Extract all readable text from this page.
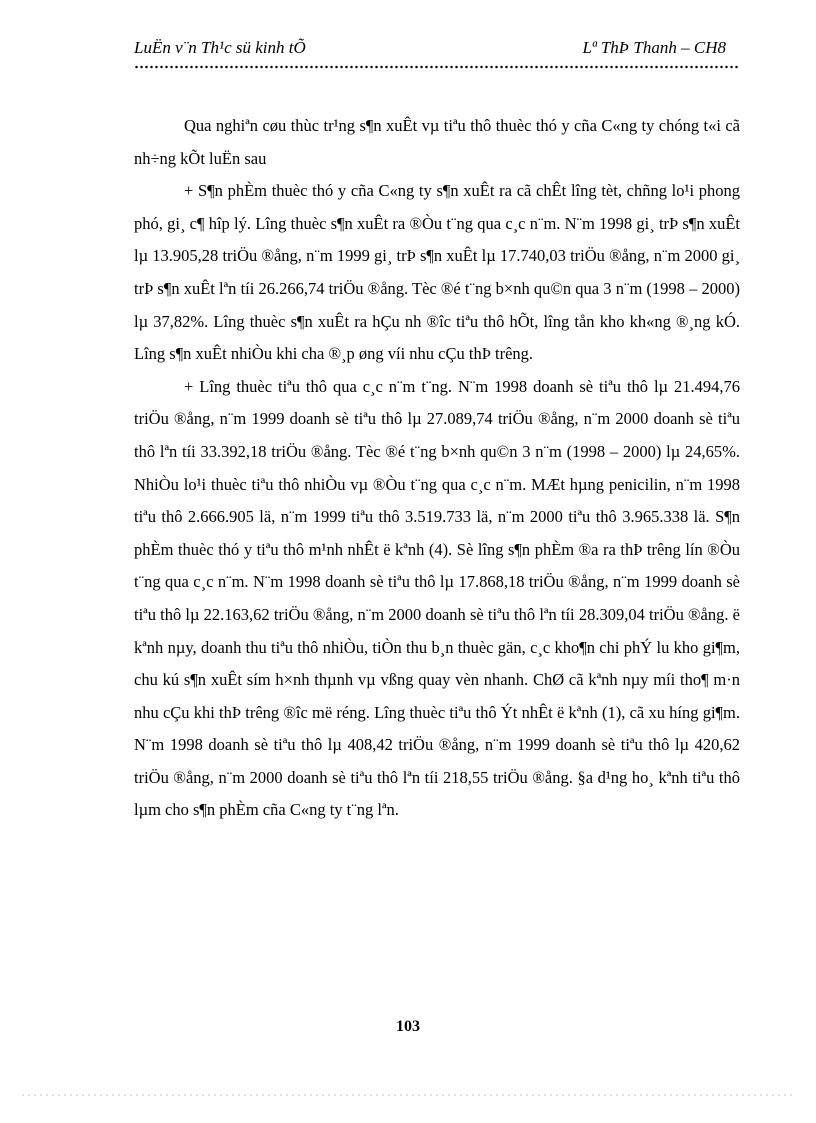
LuËn v¨n Th¹c sü kinh tÕ	Lª ThÞ Thanh – CH8

Qua nghiªn cøu thùc tr¹ng s¶n xuÊt vµ tiªu thô thuèc thó y cña C«ng ty chóng t«i cã nh÷ng kÕt luËn sau

+ S¶n phÈm thuèc thó y cña C«ng ty s¶n xuÊt ra cã chÊt lîng tèt, chñng lo¹i phong phó, gi¸ c¶ hîp lý. Lîng thuèc s¶n xuÊt ra ®Òu t¨ng qua c¸c n¨m. N¨m 1998 gi¸ trÞ s¶n xuÊt lµ 13.905,28 triÖu ®ång, n¨m 1999 gi¸ trÞ s¶n xuÊt lµ 17.740,03 triÖu ®ång, n¨m 2000 gi¸ trÞ s¶n xuÊt lªn tíi 26.266,74 triÖu ®ång. Tèc ®é t¨ng b×nh qu©n qua 3 n¨m (1998 – 2000) lµ 37,82%. Lîng thuèc s¶n xuÊt ra hÇu nh ®îc tiªu thô hÕt, lîng tån kho kh«ng ®¸ng kÓ. Lîng s¶n xuÊt nhiÒu khi cha ®¸p øng víi nhu cÇu thÞ trêng.

+ Lîng thuèc tiªu thô qua c¸c n¨m t¨ng. N¨m 1998 doanh sè tiªu thô lµ 21.494,76 triÖu ®ång, n¨m 1999 doanh sè tiªu thô lµ 27.089,74 triÖu ®ång, n¨m 2000 doanh sè tiªu thô lªn tíi 33.392,18 triÖu ®ång. Tèc ®é t¨ng b×nh qu©n 3 n¨m (1998 – 2000) lµ 24,65%. NhiÒu lo¹i thuèc tiªu thô nhiÒu vµ ®Òu t¨ng qua c¸c n¨m. MÆt hµng penicilin, n¨m 1998 tiªu thô 2.666.905 lä, n¨m 1999 tiªu thô 3.519.733 lä, n¨m 2000 tiªu thô 3.965.338 lä. S¶n phÈm thuèc thó y tiªu thô m¹nh nhÊt ë kªnh (4). Sè lîng s¶n phÈm ®a ra thÞ trêng lín ®Òu t¨ng qua c¸c n¨m. N¨m 1998 doanh sè tiªu thô lµ 17.868,18 triÖu ®ång, n¨m 1999 doanh sè tiªu thô lµ 22.163,62 triÖu ®ång, n¨m 2000 doanh sè tiªu thô lªn tíi 28.309,04 triÖu ®ång. ë kªnh nµy, doanh thu tiªu thô nhiÒu, tiÒn thu b¸n thuèc gän, c¸c kho¶n chi phÝ lu kho gi¶m, chu kú s¶n xuÊt sím h×nh thµnh vµ vßng quay vèn nhanh. ChØ cã kªnh nµy míi tho¶ m·n nhu cÇu khi thÞ trêng ®îc më réng. Lîng thuèc tiªu thô Ýt nhÊt ë kªnh (1), cã xu híng gi¶m. N¨m 1998 doanh sè tiªu thô lµ 408,42 triÖu ®ång, n¨m 1999 doanh sè tiªu thô lµ 420,62 triÖu ®ång, n¨m 2000 doanh sè tiªu thô lªn tíi 218,55 triÖu ®ång. §a d¹ng ho¸ kªnh tiªu thô lµm cho s¶n phÈm cña C«ng ty t¨ng lªn.

103
